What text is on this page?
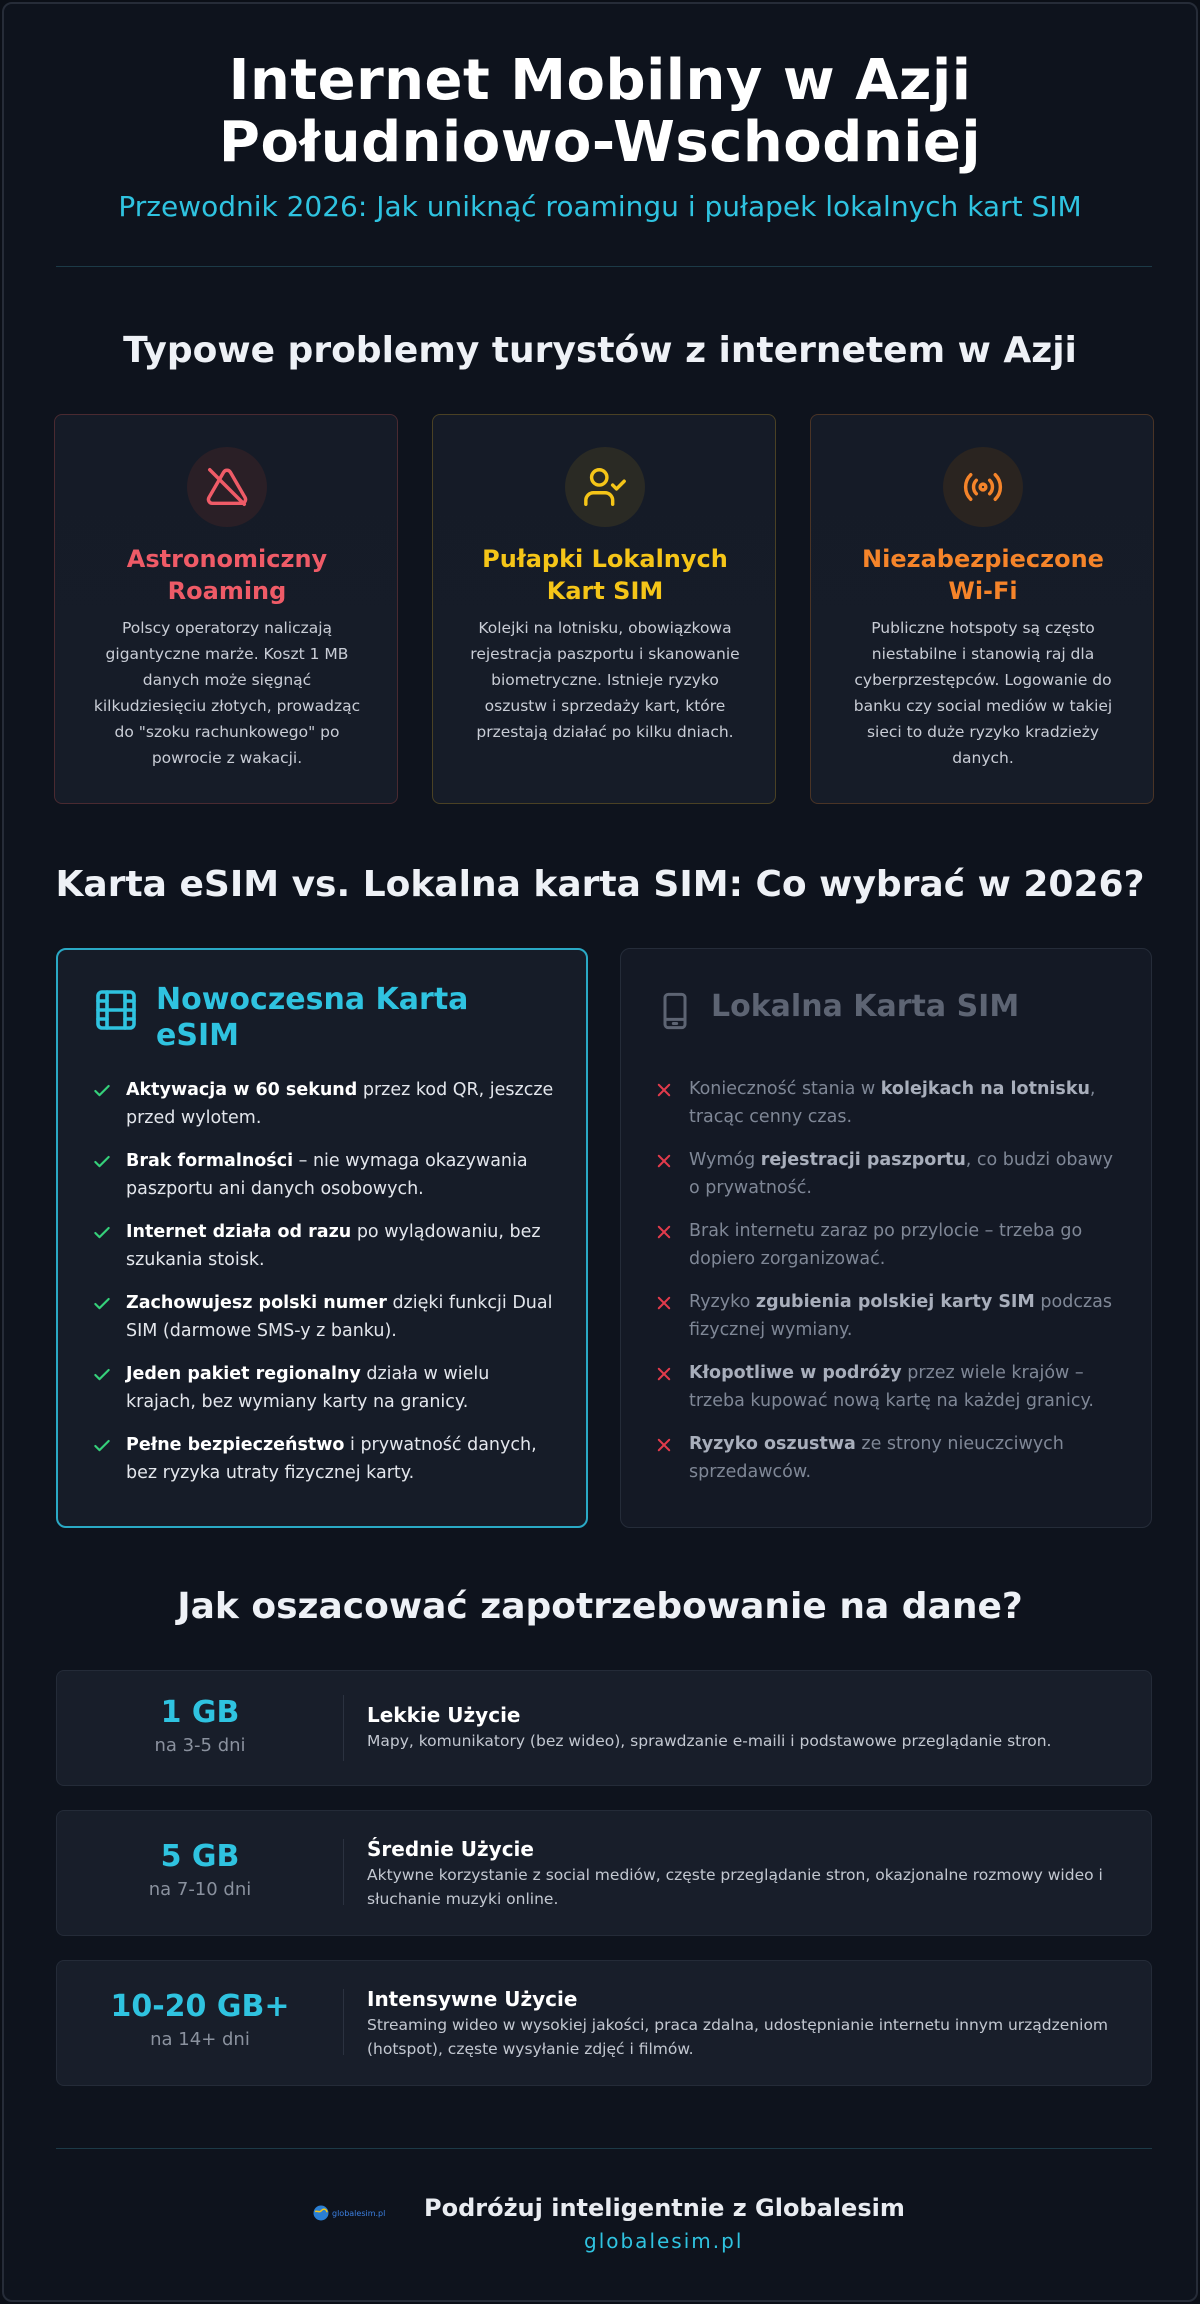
Internet Mobilny w Azji
Południowo-Wschodniej
Przewodnik 2026: Jak uniknąć roamingu i pułapek lokalnych kart SIM
Typowe problemy turystów z internetem w Azji
Astronomiczny
Roaming
Polscy operatorzy naliczają gigantyczne marże. Koszt 1 MB danych może sięgnąć kilkudziesięciu złotych, prowadząc do "szoku rachunkowego" po powrocie z wakacji.
Pułapki Lokalnych
Kart SIM
Kolejki na lotnisku, obowiązkowa rejestracja paszportu i skanowanie biometryczne. Istnieje ryzyko oszustw i sprzedaży kart, które przestają działać po kilku dniach.
Niezabezpieczone
Wi-Fi
Publiczne hotspoty są często niestabilne i stanowią raj dla cyberprzestępców. Logowanie do banku czy social mediów w takiej sieci to duże ryzyko kradzieży danych.
Karta eSIM vs. Lokalna karta SIM: Co wybrać w 2026?
Nowoczesna Karta eSIM
Aktywacja w 60 sekund przez kod QR, jeszcze przed wylotem.
Brak formalności – nie wymaga okazywania paszportu ani danych osobowych.
Internet działa od razu po wylądowaniu, bez szukania stoisk.
Zachowujesz polski numer dzięki funkcji Dual SIM (darmowe SMS-y z banku).
Jeden pakiet regionalny działa w wielu krajach, bez wymiany karty na granicy.
Pełne bezpieczeństwo i prywatność danych, bez ryzyka utraty fizycznej karty.
Lokalna Karta SIM
Konieczność stania w kolejkach na lotnisku, tracąc cenny czas.
Wymóg rejestracji paszportu, co budzi obawy o prywatność.
Brak internetu zaraz po przylocie – trzeba go dopiero zorganizować.
Ryzyko zgubienia polskiej karty SIM podczas fizycznej wymiany.
Kłopotliwe w podróży przez wiele krajów – trzeba kupować nową kartę na każdej granicy.
Ryzyko oszustwa ze strony nieuczciwych sprzedawców.
Jak oszacować zapotrzebowanie na dane?
1 GB
na 3-5 dni
Lekkie Użycie
Mapy, komunikatory (bez wideo), sprawdzanie e-maili i podstawowe przeglądanie stron.
5 GB
na 7-10 dni
Średnie Użycie
Aktywne korzystanie z social mediów, częste przeglądanie stron, okazjonalne rozmowy wideo i słuchanie muzyki online.
10-20 GB+
na 14+ dni
Intensywne Użycie
Streaming wideo w wysokiej jakości, praca zdalna, udostępnianie internetu innym urządzeniom (hotspot), częste wysyłanie zdjęć i filmów.
globalesim.pl Podróżuj inteligentnie z Globalesim
globalesim.pl
